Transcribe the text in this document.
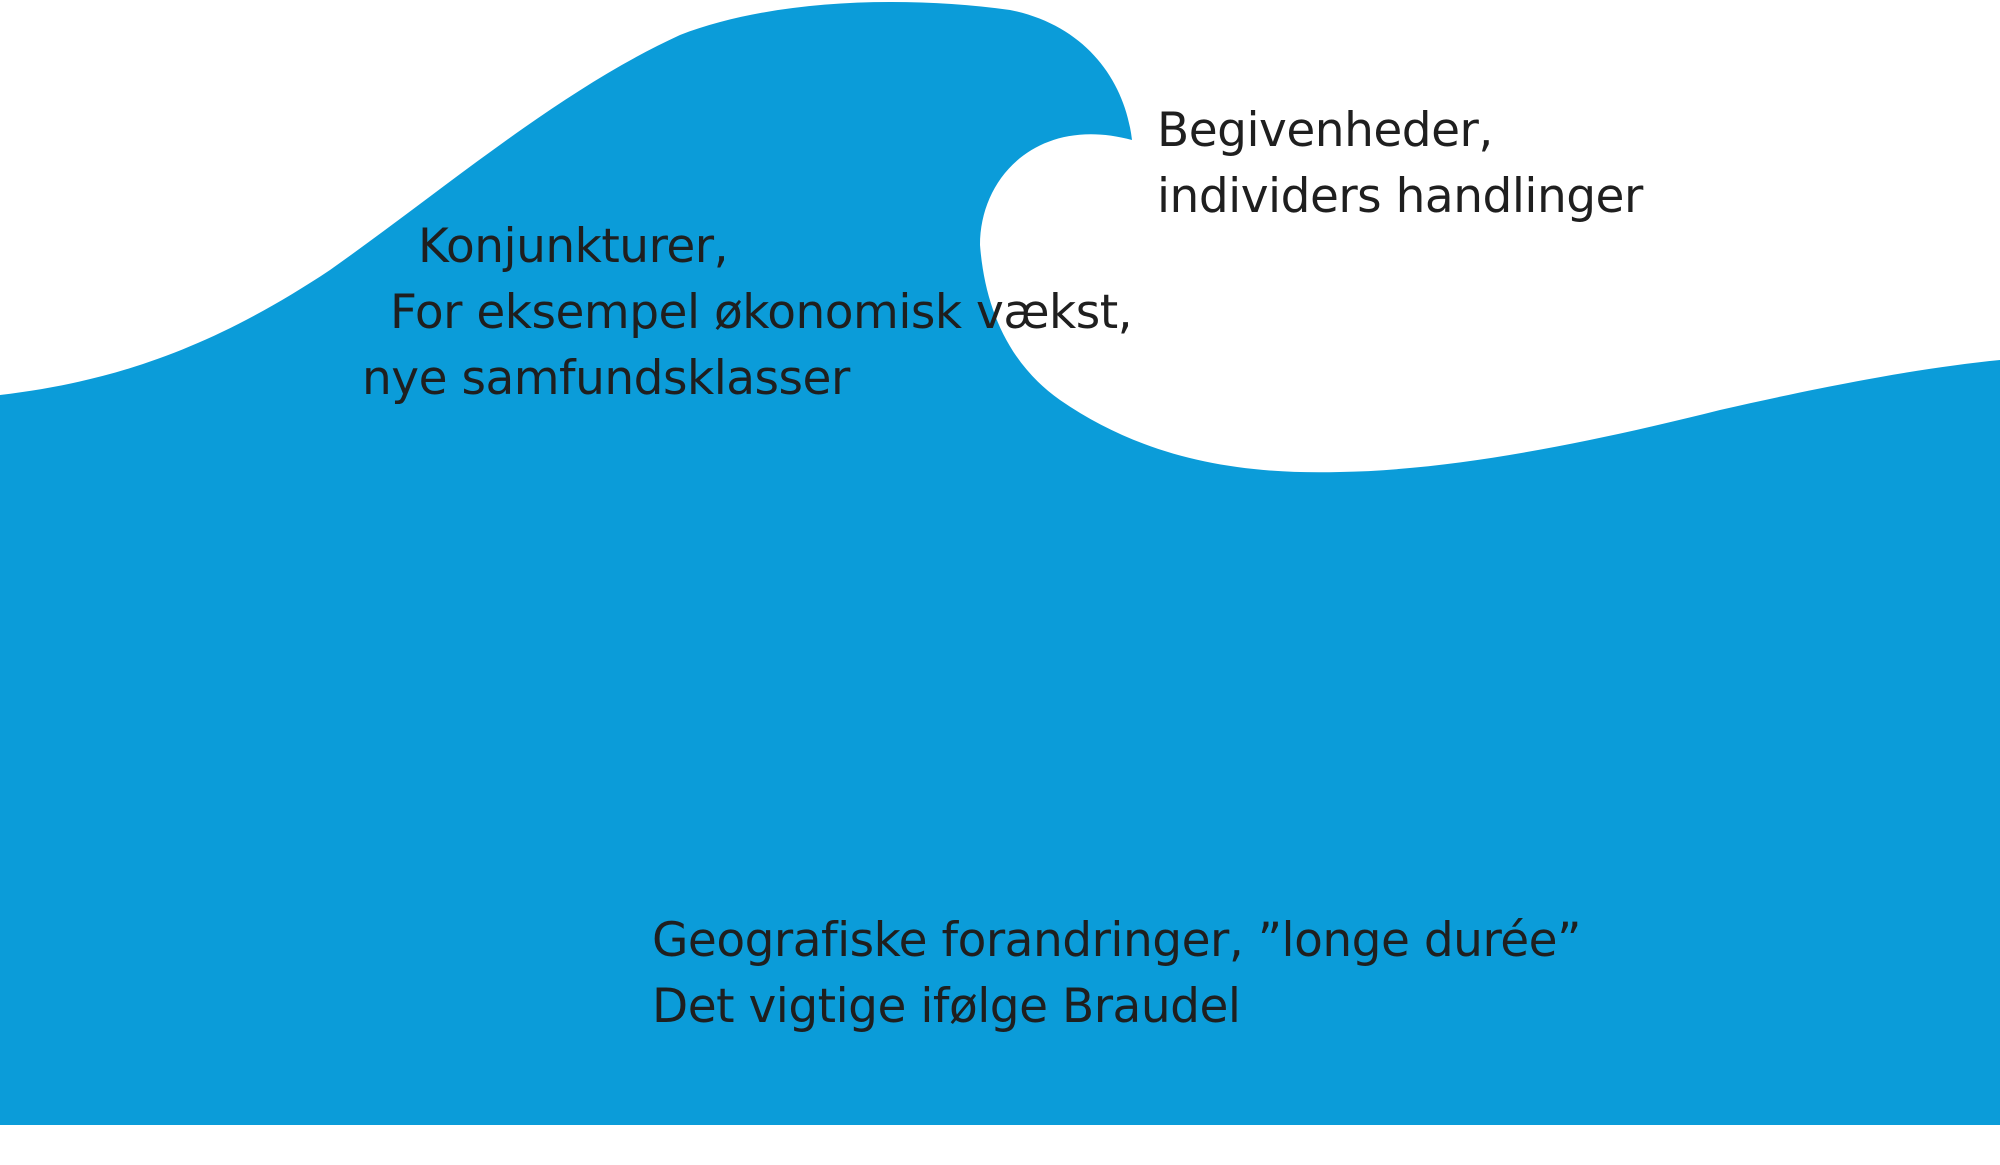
Begivenheder,
individers handlinger
Konjunkturer,
For eksempel økonomisk vækst,
nye samfundsklasser
Geografiske forandringer, ”longe durée”
Det vigtige ifølge Braudel
